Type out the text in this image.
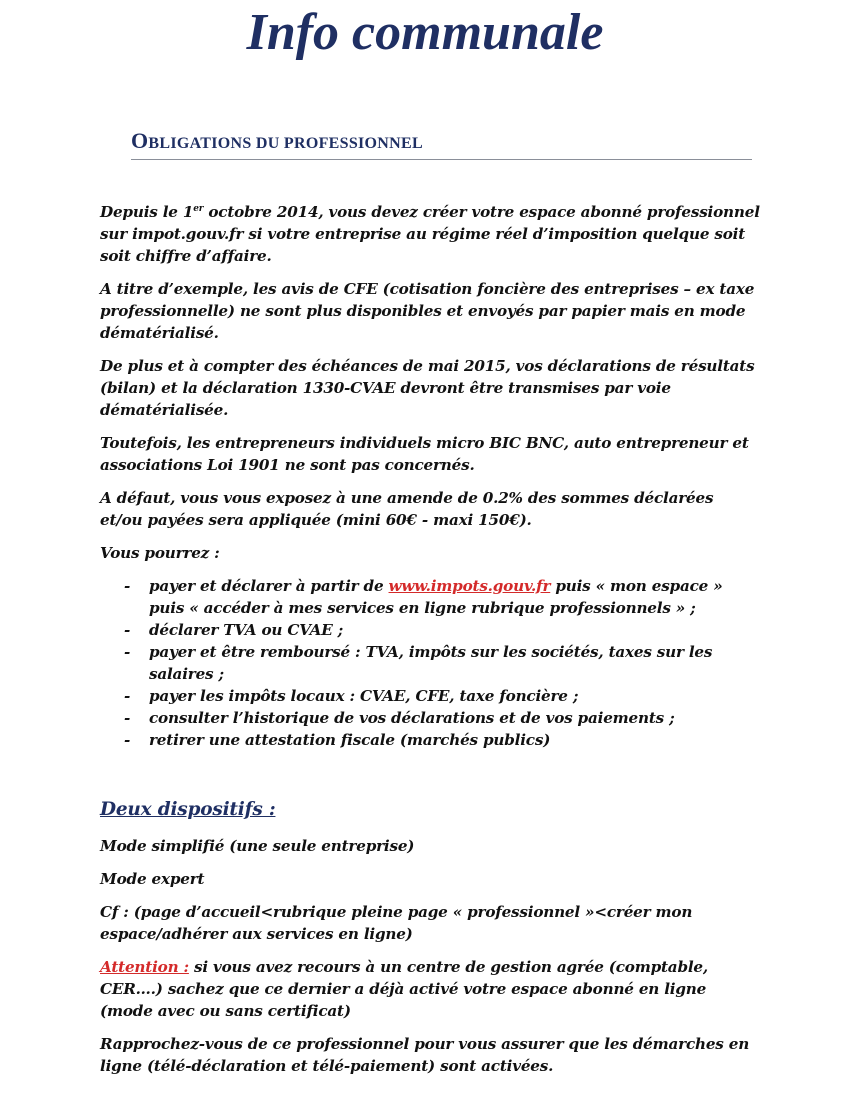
Info communale
OBLIGATIONS DU PROFESSIONNEL

Depuis le 1er octobre 2014, vous devez créer votre espace abonné professionnel sur impot.gouv.fr si votre entreprise au régime réel d’imposition quelque soit soit chiffre d’affaire.

A titre d’exemple, les avis de CFE (cotisation foncière des entreprises – ex taxe professionnelle) ne sont plus disponibles et envoyés par papier mais en mode dématérialisé.

De plus et à compter des échéances de mai 2015, vos déclarations de résultats (bilan) et la déclaration 1330-CVAE devront être transmises par voie dématérialisée.

Toutefois, les entrepreneurs individuels micro BIC BNC, auto entrepreneur et associations Loi 1901 ne sont pas concernés.

A défaut, vous vous exposez à une amende de 0.2% des sommes déclarées et/ou payées sera appliquée (mini 60€ - maxi 150€).

Vous pourrez :

- payer et déclarer à partir de www.impots.gouv.fr puis « mon espace » puis « accéder à mes services en ligne rubrique professionnels » ;
- déclarer TVA ou CVAE ;
- payer et être remboursé : TVA, impôts sur les sociétés, taxes sur les salaires ;
- payer les impôts locaux : CVAE, CFE, taxe foncière ;
- consulter l’historique de vos déclarations et de vos paiements ;
- retirer une attestation fiscale (marchés publics)
Deux dispositifs :

Mode simplifié (une seule entreprise)

Mode expert

Cf : (page d’accueil<rubrique pleine page « professionnel »<créer mon espace/adhérer aux services en ligne)

Attention : si vous avez recours à un centre de gestion agrée (comptable, CER….) sachez que ce dernier a déjà activé votre espace abonné en ligne (mode avec ou sans certificat)

Rapprochez-vous de ce professionnel pour vous assurer que les démarches en ligne (télé-déclaration et télé-paiement) sont activées.
